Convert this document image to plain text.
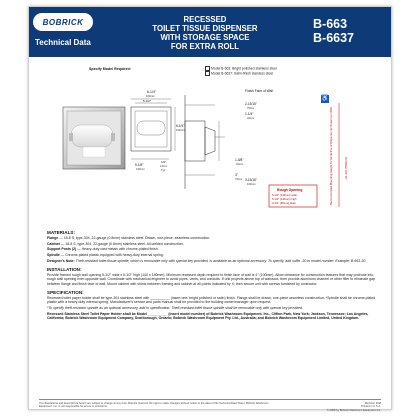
BOBRICK
Technical Data
RECESSED
TOILET TISSUE DISPENSER
WITH STORAGE SPACE
FOR EXTRA ROLL
B-663
B-6637
Specify Model Required:	Model B-663: Bright polished stainless steel
Model B-6637: Satin-finish stainless steel
6-1/4"
160mm
5-1/2"
6-1/4"
160mm
5-1/8"
130mm
1/2"
13mm
Typ.
Finish Face of Wall
2-15/16"
75mm
1-1/4"
32mm
1-5/8"
42mm
3-15/16"
100mm
3"
76mm
Rough Opening
5-1/2" (140mm) wide
5-1/2" (140mm) high
3-3/4" (95mm) deep	Recommended Mounting Height To Centerline of Dispenser as Shown per ADA	22-3/4" (580mm)
♿
MATERIALS:

Flange — 18-8 S, type-304, 22-gauge (0.8mm) stainless steel. Drawn, one-piece, seamless construction.

Cabinet — 18-8 S, type-304, 22-gauge (0.8mm) stainless steel. All-welded construction.

Support Posts (2) — Heavy-duty cast metals with chrome-plated finish.

Spindle — Chrome-plated plastic equipped with heavy-duty internal spring.

Designer's Note: Theft-resistant toilet tissue spindle, which is removable only with special key provided, is available as an optional accessory. To specify, add suffix -30 to model number. Example: B-663-30.

INSTALLATION:

Provide framed rough wall opening 5-1/2" wide x 5-1/2" high (140 x 140mm). Minimum recessed depth required to finish face of wall is 4" (100mm). Allow clearance for construction features that may protrude into rough wall opening from opposite wall. Coordinate with mechanical engineer to avoid pipes, vents, and conduits. If unit projects above top of wainscot, then provide aluminum channel or other filler to eliminate gap between flange and finish face of wall. Mount cabinet with shims between framing and cabinet at all points indicated by X; then secure unit with screws furnished by contractor.

SPECIFICATION:

Recessed toilet paper holder shall be type-304 stainless steel with __________ (insert one: bright polished or satin) finish. Flange shall be drawn, one-piece seamless construction. *Spindle shall be chrome-plated plastic with a heavy-duty internal spring. Manufacturer's service and parts manual shall be provided to the building owner/manager upon request.

*To specify theft-resistant spindle as an optional accessory, add to specification: Theft-resistant toilet tissue spindle shall be removable only with special key provided.

Recessed Stainless Steel Toilet Paper Holder shall be Model __________ (insert model number) of Bobrick Washroom Equipment, Inc., Clifton Park, New York; Jackson, Tennessee; Los Angeles, California; Bobrick Washroom Equipment Company, Scarborough, Ontario; Bobrick Washroom Equipment Pty. Ltd., Australia; and Bobrick Washroom Equipment Limited, United Kingdom.

The illustrations and descriptions herein are subject to change at any time. Bobrick reserves the right to make changes without notice to the data of this Technical Data Sheet. Bobrick Washroom Equipment, Inc. is not responsible for errors or omissions.
Revision 3/08
Printed in U.S.A.
© 2008 by Bobrick Washroom Equipment Inc.
